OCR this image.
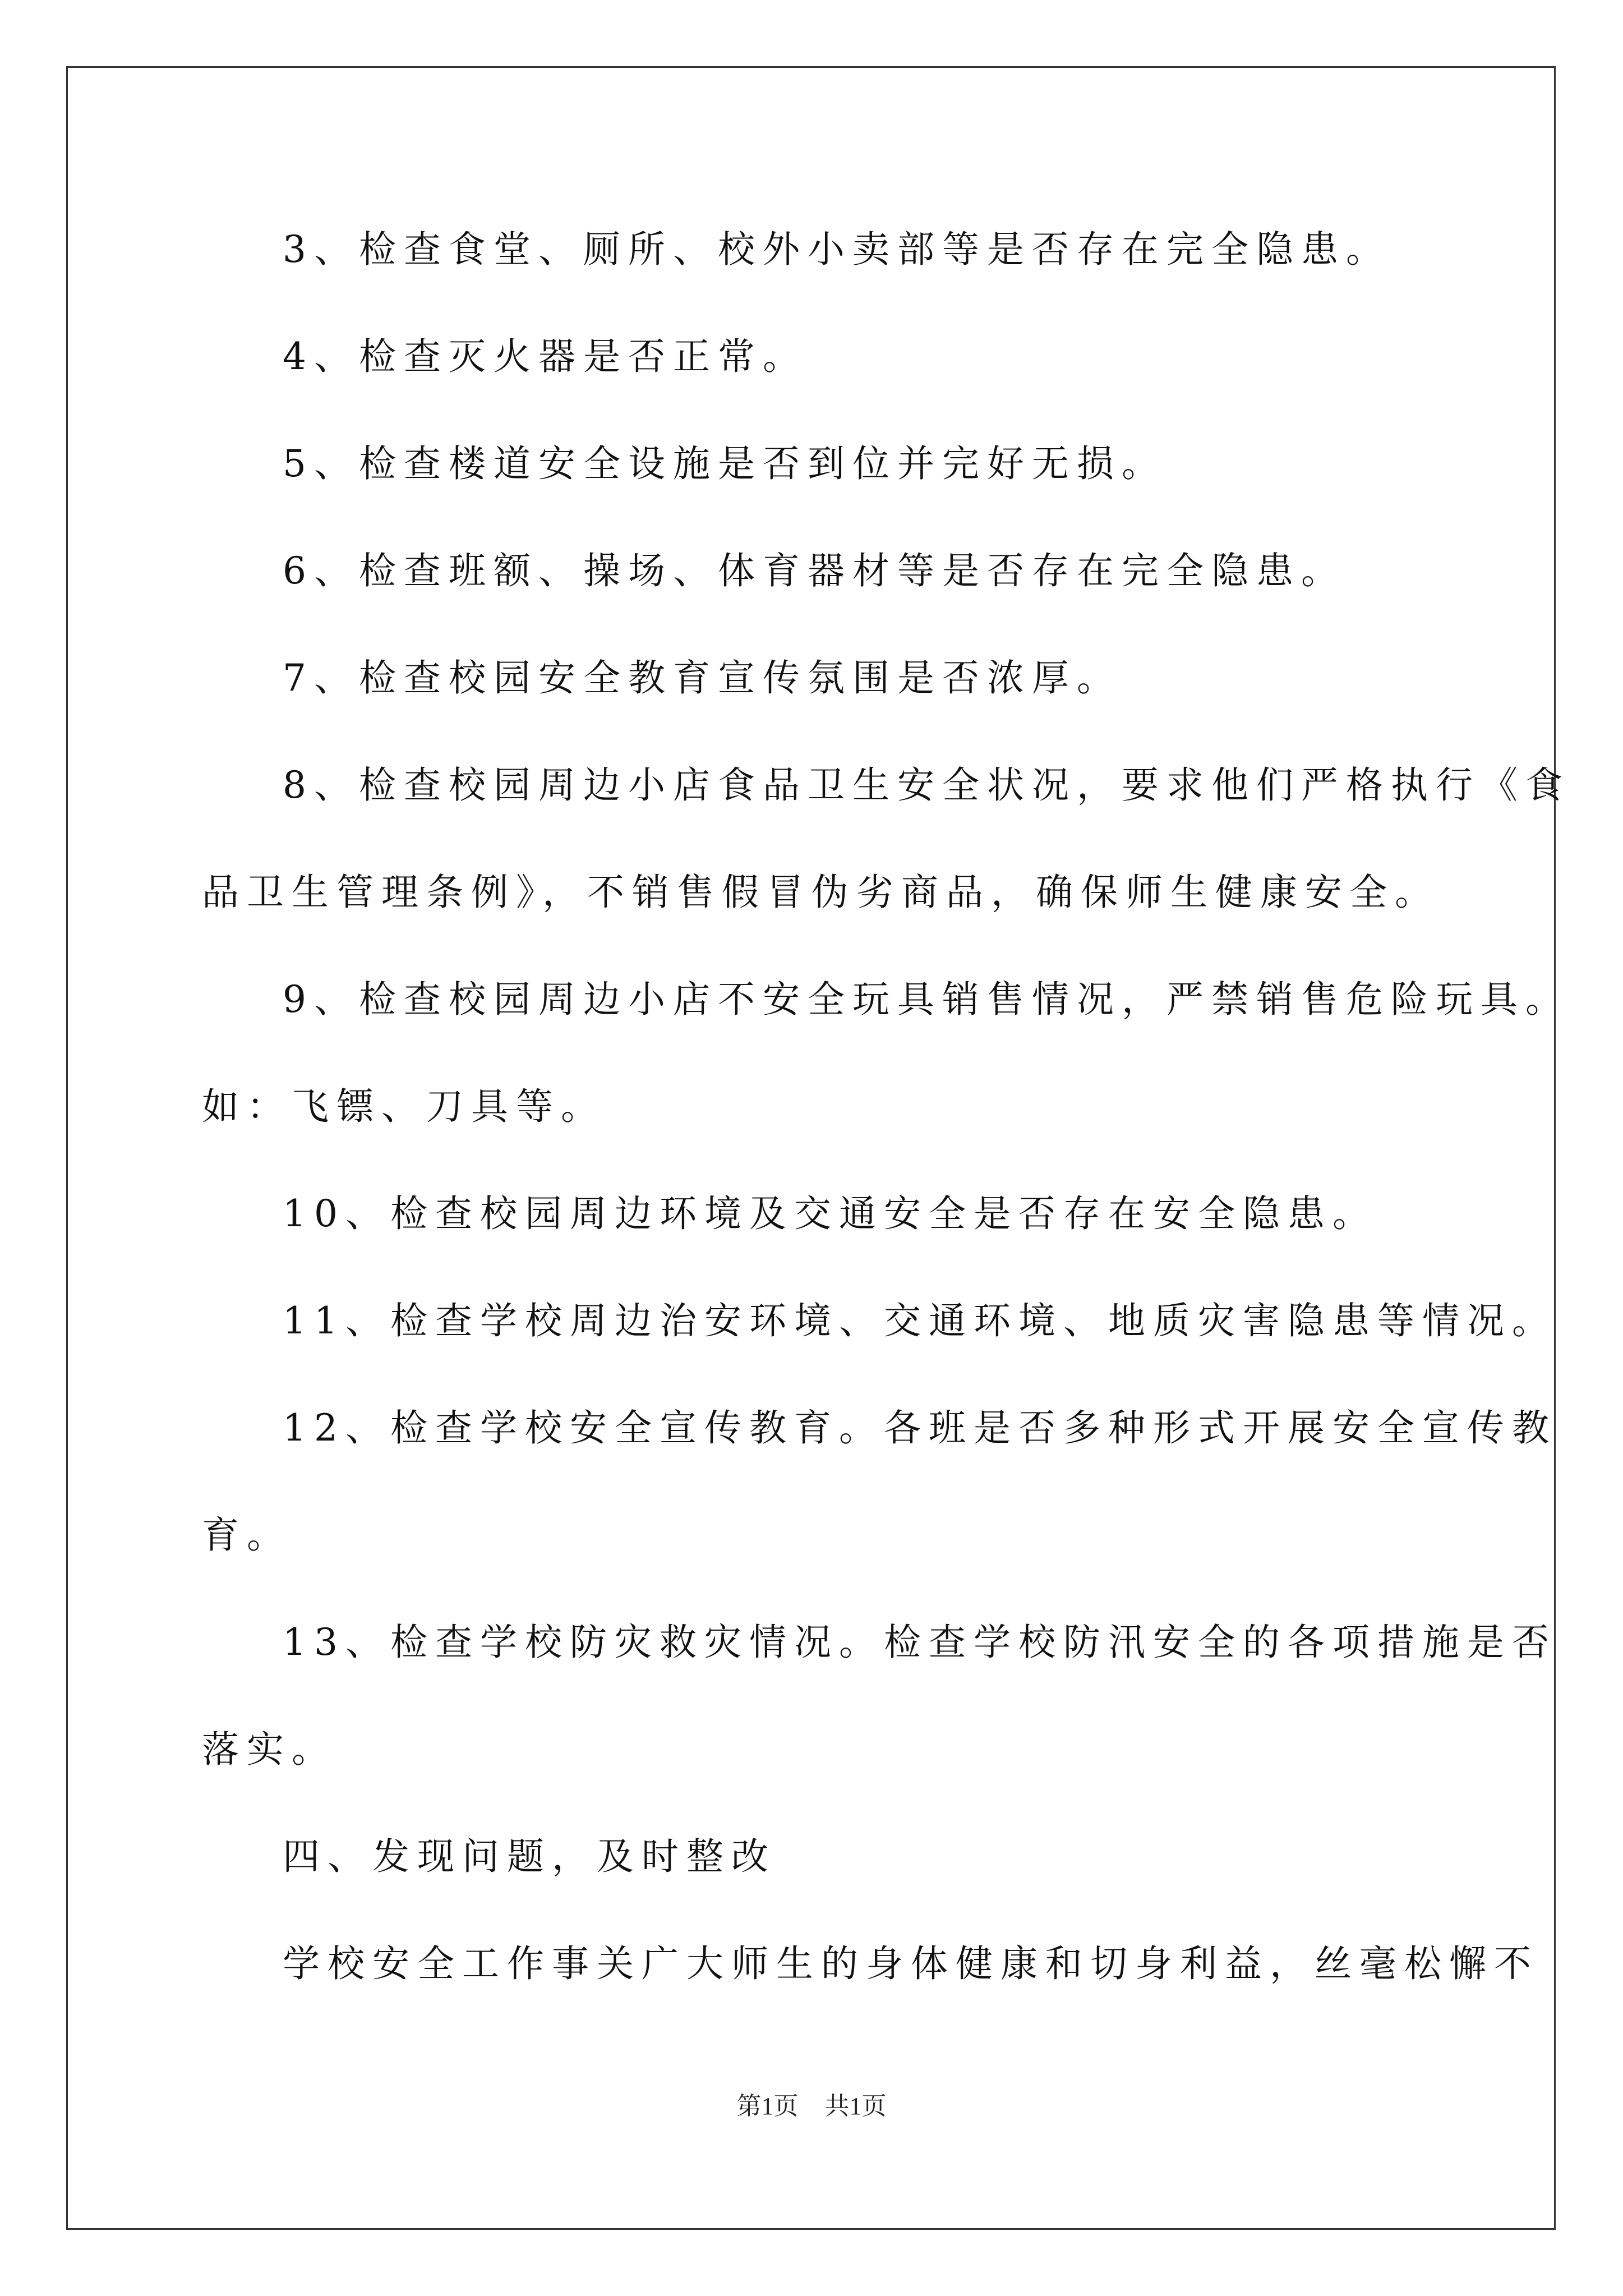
3、检查食堂、厕所、校外小卖部等是否存在完全隐患。
4、检查灭火器是否正常。
5、检查楼道安全设施是否到位并完好无损。
6、检查班额、操场、体育器材等是否存在完全隐患。
7、检查校园安全教育宣传氛围是否浓厚。
8、检查校园周边小店食品卫生安全状况，要求他们严格执行《食
品卫生管理条例》，不销售假冒伪劣商品，确保师生健康安全。
9、检查校园周边小店不安全玩具销售情况，严禁销售危险玩具。
如：飞镖、刀具等。
10、检查校园周边环境及交通安全是否存在安全隐患。
11、检查学校周边治安环境、交通环境、地质灾害隐患等情况。
12、检查学校安全宣传教育。各班是否多种形式开展安全宣传教
育。
13、检查学校防灾救灾情况。检查学校防汛安全的各项措施是否
落实。
四、发现问题，及时整改
学校安全工作事关广大师生的身体健康和切身利益，丝毫松懈不
第1页 共1页
